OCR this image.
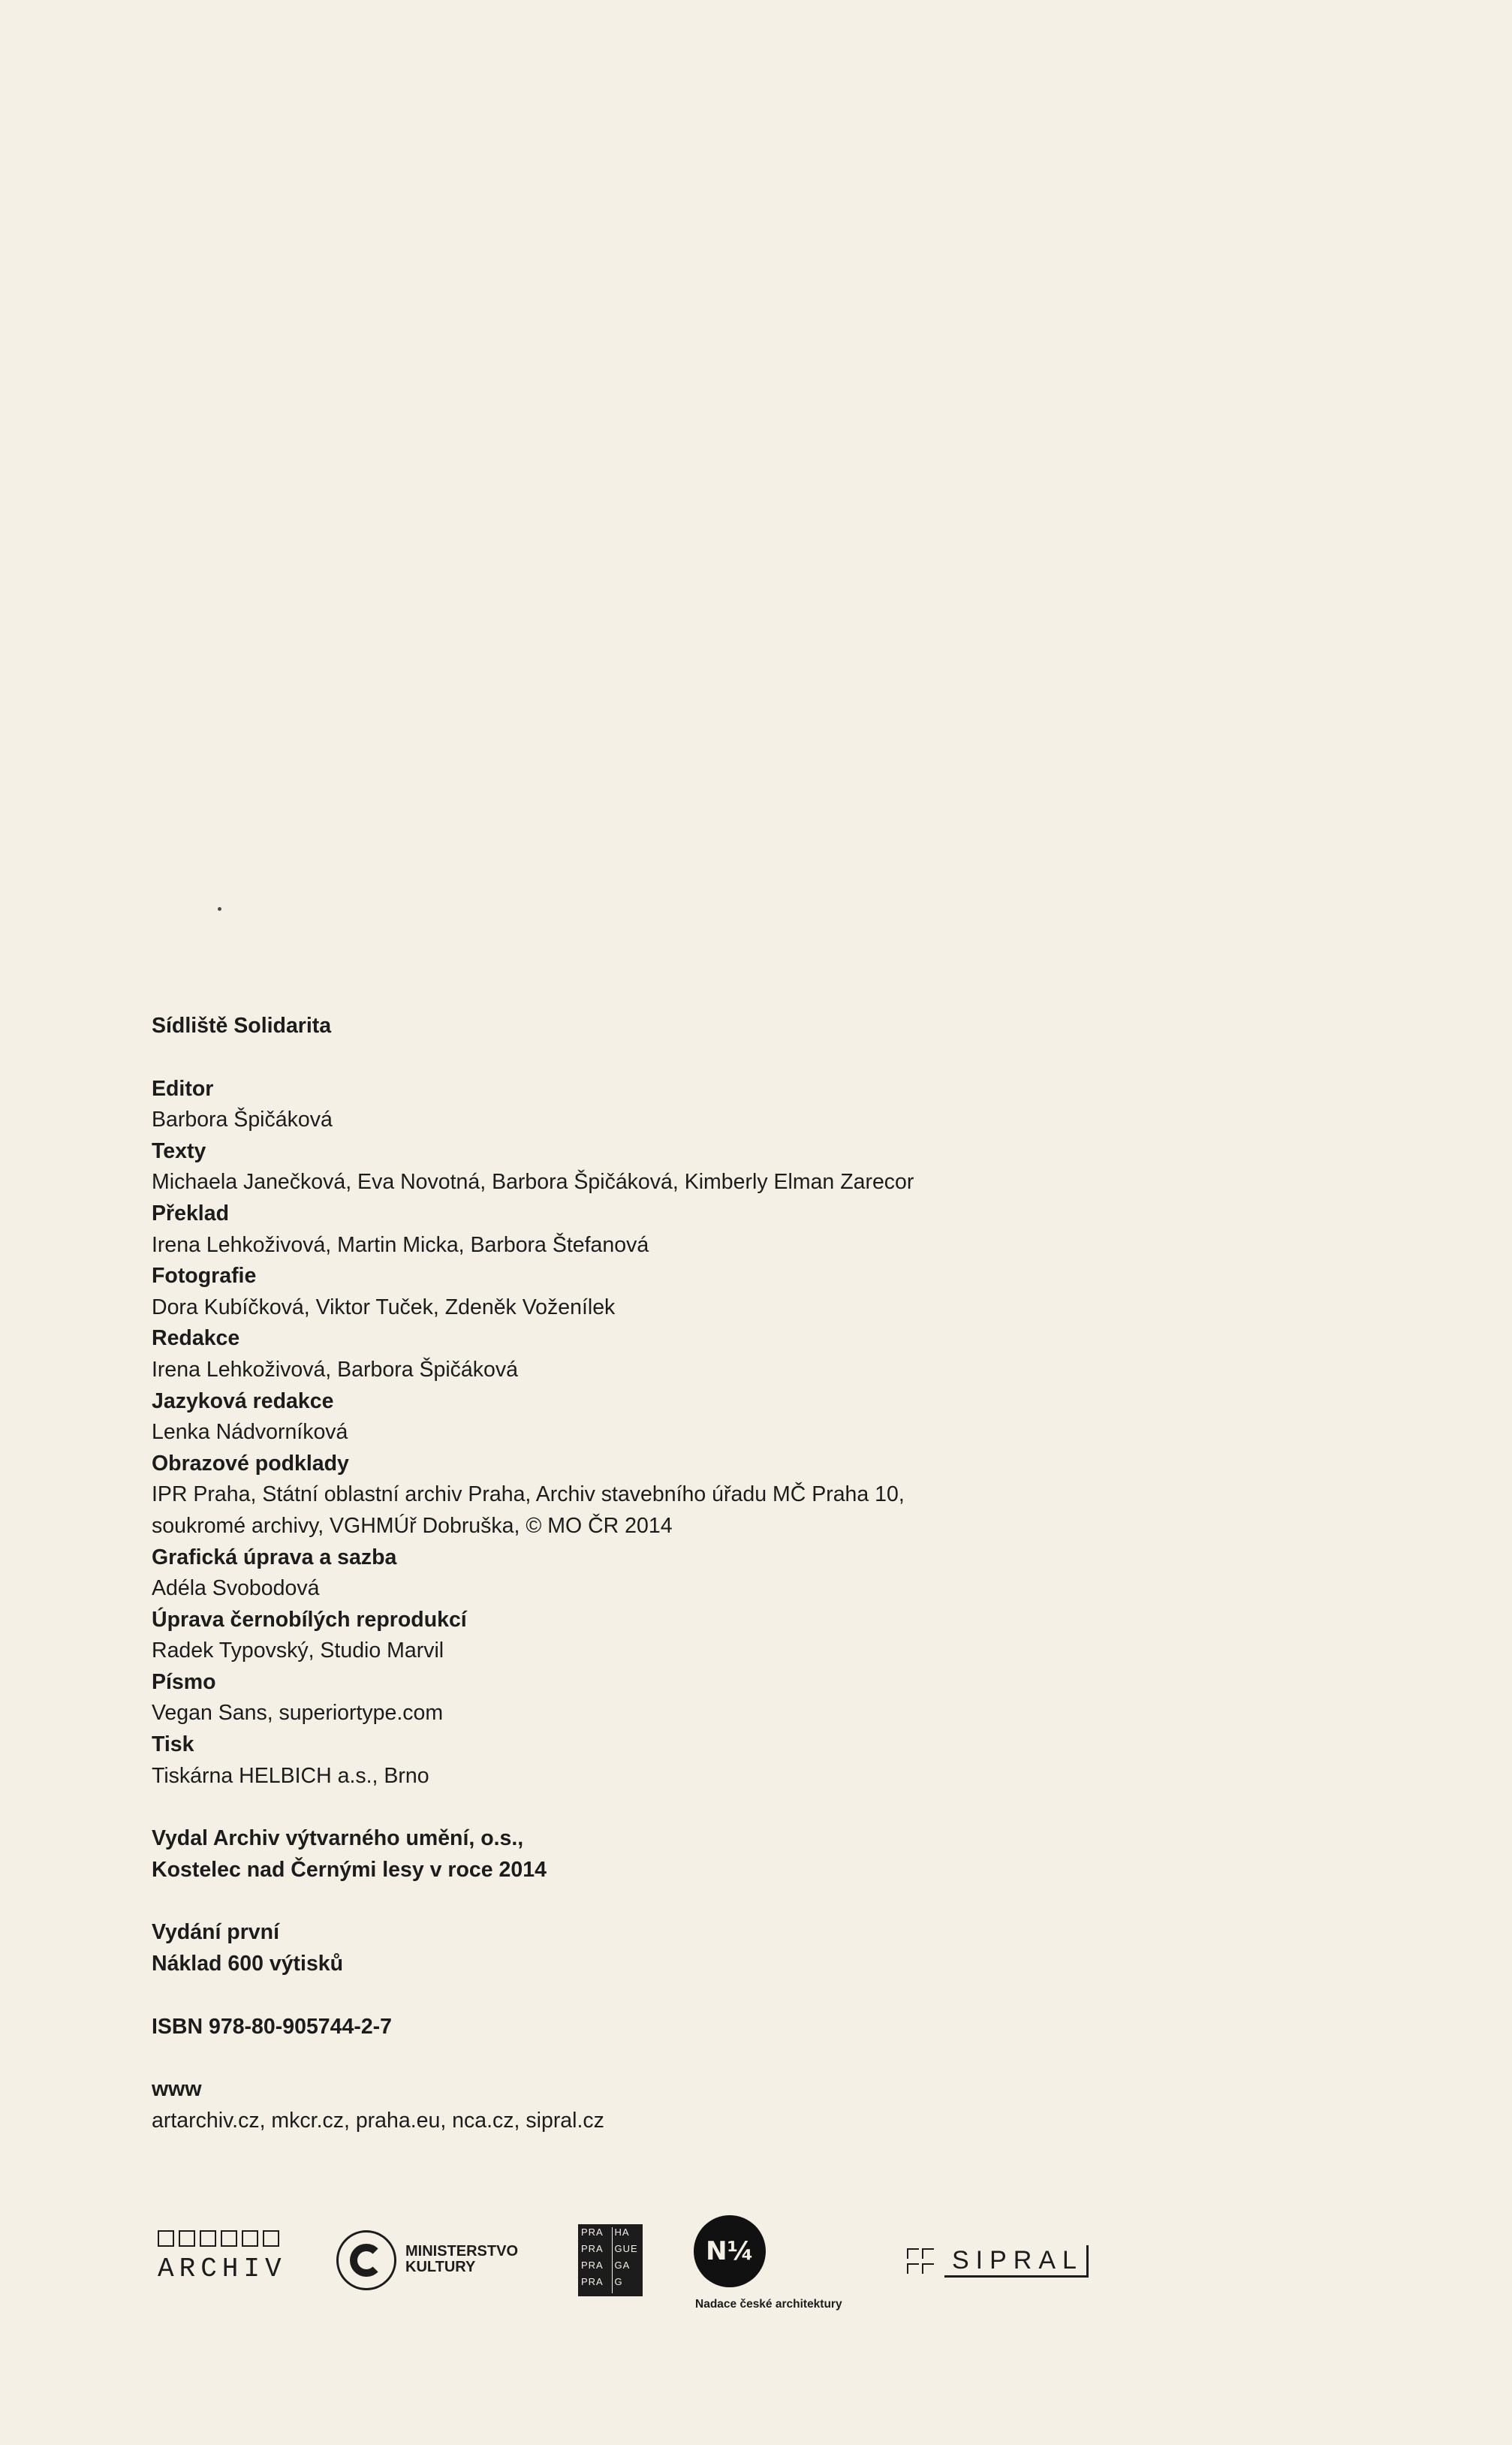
Sídliště Solidarita
Editor
Barbora Špičáková
Texty
Michaela Janečková, Eva Novotná, Barbora Špičáková, Kimberly Elman Zarecor
Překlad
Irena Lehkoživová, Martin Micka, Barbora Štefanová
Fotografie
Dora Kubíčková, Viktor Tuček, Zdeněk Voženílek
Redakce
Irena Lehkoživová, Barbora Špičáková
Jazyková redakce
Lenka Nádvorníková
Obrazové podklady
IPR Praha, Státní oblastní archiv Praha, Archiv stavebního úřadu MČ Praha 10,
soukromé archivy, VGHMÚř Dobruška, © MO ČR 2014
Grafická úprava a sazba
Adéla Svobodová
Úprava černobílých reprodukcí
Radek Typovský, Studio Marvil
Písmo
Vegan Sans, superiortype.com
Tisk
Tiskárna HELBICH a.s., Brno
Vydal Archiv výtvarného umění, o.s.,
Kostelec nad Černými lesy v roce 2014
Vydání první
Náklad 600 výtisků
ISBN 978-80-905744-2-7
www
artarchiv.cz, mkcr.cz, praha.eu, nca.cz, sipral.cz
ARCHIV
MINISTERSTVO
KULTURY
PRA	HA
PRA	GUE
PRA	GA
PRA	G
N¼
Nadace české architektury
SIPRAL
